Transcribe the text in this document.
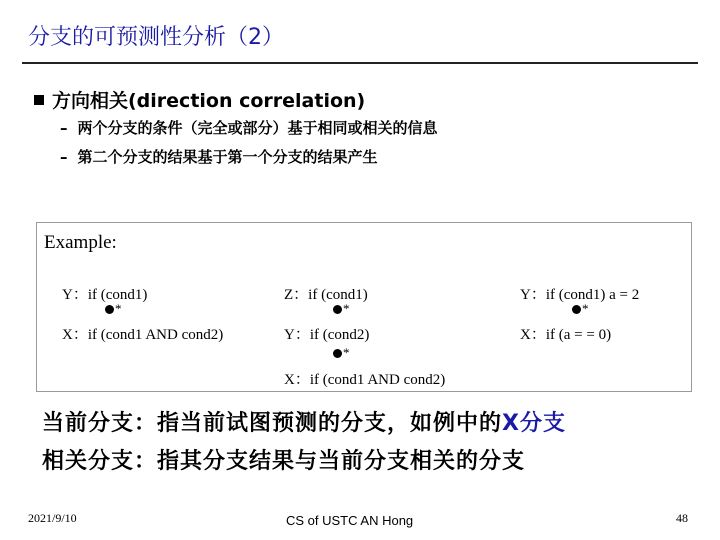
分支的可预测性分析（2）
方向相关(direction correlation)
– 两个分支的条件（完全或部分）基于相同或相关的信息
– 第二个分支的结果基于第一个分支的结果产生
Example:
Y：if (cond1)
*
X：if (cond1 AND cond2)
Z：if (cond1)
*
Y：if (cond2)
*
X：if (cond1 AND cond2)
Y：if (cond1) a = 2
*
X：if (a = = 0)
当前分支：指当前试图预测的分支，如例中的X分支
相关分支：指其分支结果与当前分支相关的分支
2021/9/10	CS of USTC AN Hong	48
